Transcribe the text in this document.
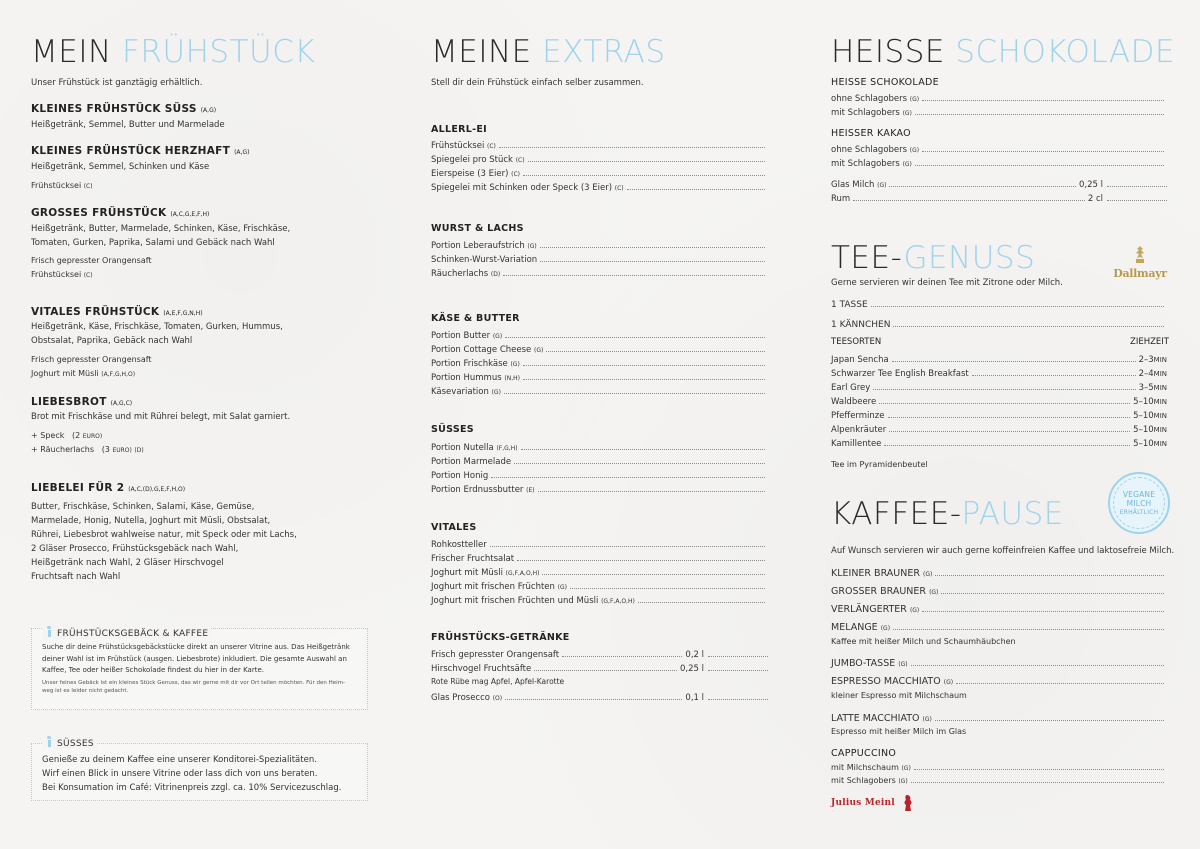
MEIN FRÜHSTÜCK
Unser Frühstück ist ganztägig erhältlich.
KLEINES FRÜHSTÜCK SÜSS (A,G)
Heißgetränk, Semmel, Butter und Marmelade
KLEINES FRÜHSTÜCK HERZHAFT (A,G)
Heißgetränk, Semmel, Schinken und Käse
Frühstücksei (C)
GROSSES FRÜHSTÜCK (A,C,G,E,F,H)
Heißgetränk, Butter, Marmelade, Schinken, Käse, Frischkäse,
Tomaten, Gurken, Paprika, Salami und Gebäck nach Wahl
Frisch gepresster Orangensaft
Frühstücksei (C)
VITALES FRÜHSTÜCK (A,E,F,G,N,H)
Heißgetränk, Käse, Frischkäse, Tomaten, Gurken, Hummus,
Obstsalat, Paprika, Gebäck nach Wahl
Frisch gepresster Orangensaft
Joghurt mit Müsli (A,F,G,H,O)
LIEBESBROT (A,G,C)
Brot mit Frischkäse und mit Rührei belegt, mit Salat garniert.
+ Speck (2 EURO)
+ Räucherlachs (3 EURO) (D)
LIEBELEI FÜR 2 (A,C,(D),G,E,F,H,O)
Butter, Frischkäse, Schinken, Salami, Käse, Gemüse,
Marmelade, Honig, Nutella, Joghurt mit Müsli, Obstsalat,
Rührei, Liebesbrot wahlweise natur, mit Speck oder mit Lachs,
2 Gläser Prosecco, Frühstücksgebäck nach Wahl,
Heißgetränk nach Wahl, 2 Gläser Hirschvogel
Fruchtsaft nach Wahl
FRÜHSTÜCKSGEBÄCK & KAFFEE
Suche dir deine Frühstücksgebäckstücke direkt an unserer Vitrine aus. Das Heißgetränk
deiner Wahl ist im Frühstück (ausgen. Liebesbrote) inkludiert. Die gesamte Auswahl an
Kaffee, Tee oder heißer Schokolade findest du hier in der Karte.
Unser feines Gebäck ist ein kleines Stück Genuss, das wir gerne mit dir vor Ort teilen möchten. Für den Heim-
weg ist es leider nicht gedacht.
SÜSSES
Genieße zu deinem Kaffee eine unserer Konditorei-Spezialitäten.
Wirf einen Blick in unsere Vitrine oder lass dich von uns beraten.
Bei Konsumation im Café: Vitrinenpreis zzgl. ca. 10% Servicezuschlag.
MEINE EXTRAS
Stell dir dein Frühstück einfach selber zusammen.
ALLERL-EI
Frühstücksei (C)
Spiegelei pro Stück (C)
Eierspeise (3 Eier) (C)
Spiegelei mit Schinken oder Speck (3 Eier) (C)
WURST & LACHS
Portion Leberaufstrich (G)
Schinken-Wurst-Variation
Räucherlachs (D)
KÄSE & BUTTER
Portion Butter (G)
Portion Cottage Cheese (G)
Portion Frischkäse (G)
Portion Hummus (N,H)
Käsevariation (G)
SÜSSES
Portion Nutella (F,G,H)
Portion Marmelade
Portion Honig
Portion Erdnussbutter (E)
VITALES
Rohkostteller
Frischer Fruchtsalat
Joghurt mit Müsli (G,F,A,O,H)
Joghurt mit frischen Früchten (G)
Joghurt mit frischen Früchten und Müsli (G,F,A,O,H)
FRÜHSTÜCKS-GETRÄNKE
Frisch gepresster Orangensaft	0,2 l
Hirschvogel Fruchtsäfte	0,25 l
Rote Rübe mag Apfel, Apfel-Karotte
Glas Prosecco (O)	0,1 l
HEISSE SCHOKOLADE
HEISSE SCHOKOLADE
ohne Schlagobers (G)
mit Schlagobers (G)
HEISSER KAKAO
ohne Schlagobers (G)
mit Schlagobers (G)
Glas Milch (G)	0,25 l
Rum	2 cl
TEE-GENUSS
Gerne servieren wir deinen Tee mit Zitrone oder Milch.
1 TASSE
1 KÄNNCHEN
TEESORTEN	ZIEHZEIT
Japan Sencha	2–3MIN
Schwarzer Tee English Breakfast	2–4MIN
Earl Grey	3–5MIN
Waldbeere	5–10MIN
Pfefferminze	5–10MIN
Alpenkräuter	5–10MIN
Kamillentee	5–10MIN
Tee im Pyramidenbeutel
KAFFEE-PAUSE
Auf Wunsch servieren wir auch gerne koffeinfreien Kaffee und laktosefreie Milch.
KLEINER BRAUNER (G)
GROSSER BRAUNER (G)
VERLÄNGERTER (G)
MELANGE (G)
Kaffee mit heißer Milch und Schaumhäubchen
JUMBO-TASSE (G)
ESPRESSO MACCHIATO (G)
kleiner Espresso mit Milchschaum
LATTE MACCHIATO (G)
Espresso mit heißer Milch im Glas
CAPPUCCINO
mit Milchschaum (G)
mit Schlagobers (G)
Dallmayr
VEGANE
MILCH
ERHÄLTLICH
Julius Meinl
